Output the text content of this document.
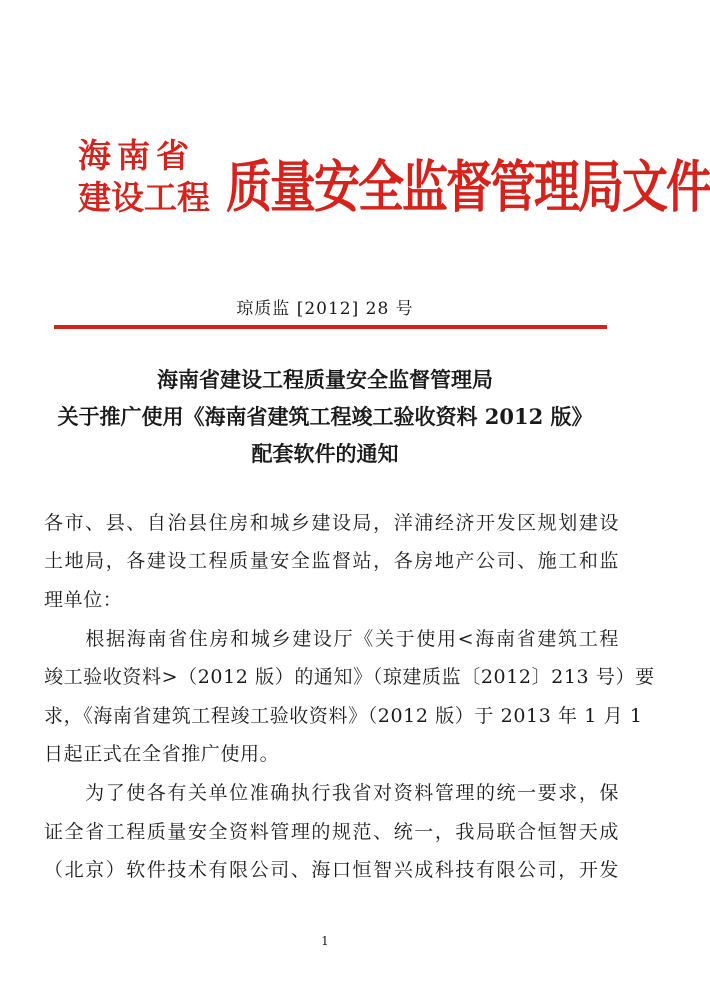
海南省
建设工程 质量安全监督管理局文件
琼质监 [2012] 28 号
海南省建设工程质量安全监督管理局
关于推广使用《海南省建筑工程竣工验收资料 2012 版》
配套软件的通知
各市、县、自治县住房和城乡建设局，洋浦经济开发区规划建设
土地局，各建设工程质量安全监督站，各房地产公司、施工和监
理单位：
　　根据海南省住房和城乡建设厅《关于使用<海南省建筑工程
竣工验收资料>（2012 版）的通知》（琼建质监〔2012〕213 号）要
求，《海南省建筑工程竣工验收资料》（2012 版）于 2013 年 1 月 1
日起正式在全省推广使用。
　　为了使各有关单位准确执行我省对资料管理的统一要求，保
证全省工程质量安全资料管理的规范、统一，我局联合恒智天成
（北京）软件技术有限公司、海口恒智兴成科技有限公司，开发
1
